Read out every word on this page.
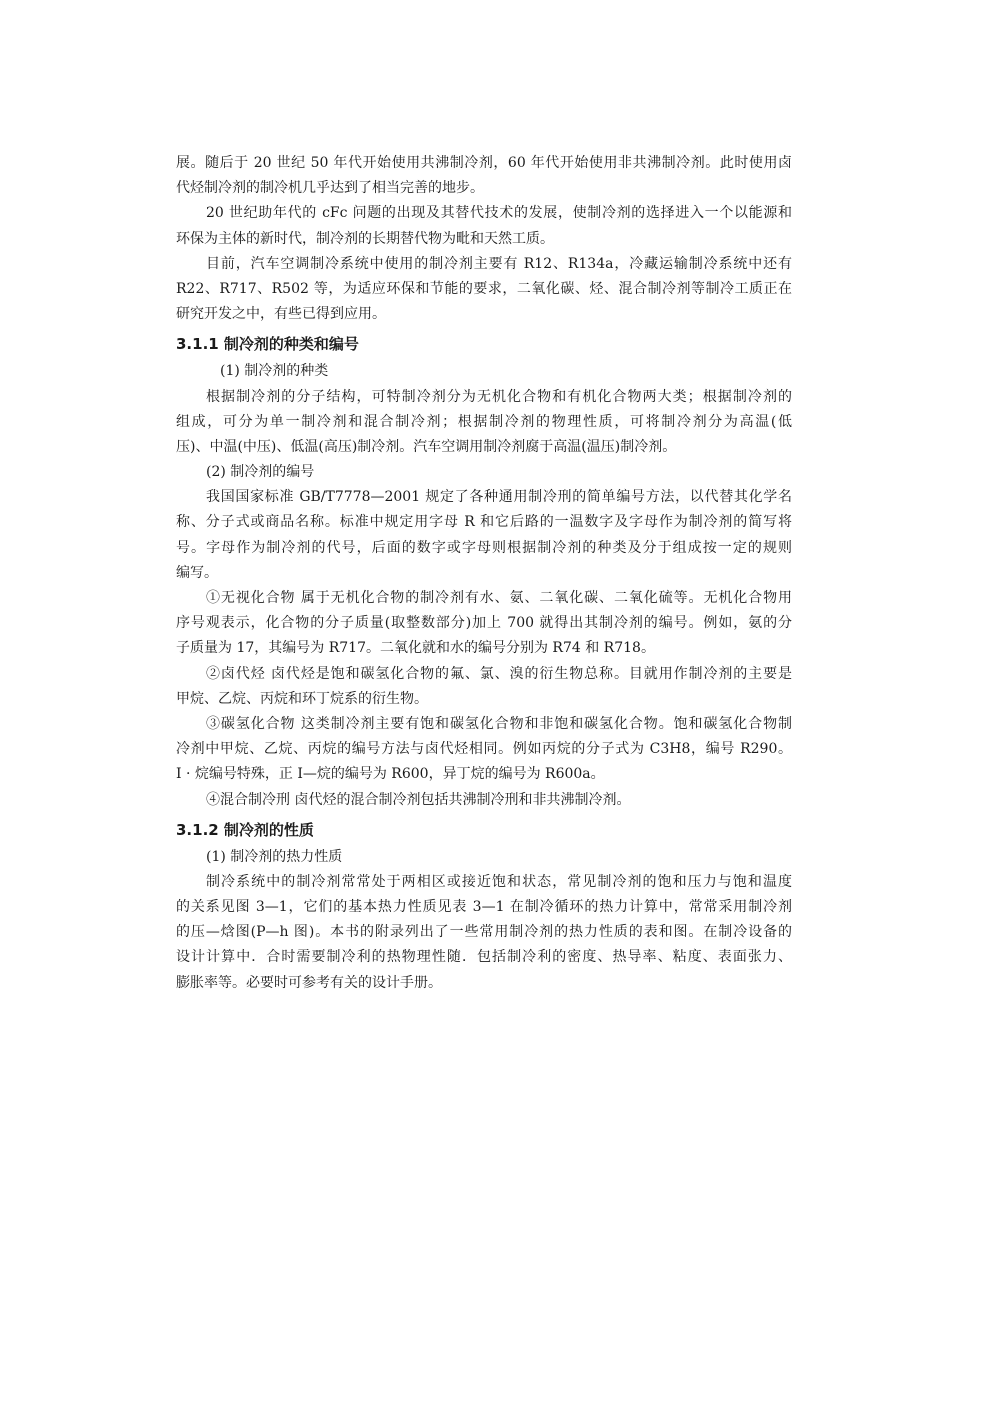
展。随后于 20 世纪 50 年代开始使用共沸制冷剂，60 年代开始使用非共沸制冷剂。此时使用卤
代烃制冷剂的制冷机几乎达到了相当完善的地步。
20 世纪助年代的 cFc 问题的出现及其替代技术的发展，使制冷剂的选择进入一个以能源和
环保为主体的新时代，制冷剂的长期替代物为毗和天然工质。
目前，汽车空调制冷系统中使用的制冷剂主要有 R12、R134a，冷藏运输制冷系统中还有
R22、R717、R502 等，为适应环保和节能的要求，二氧化碳、烃、混合制冷剂等制冷工质正在
研究开发之中，有些已得到应用。
3.1.1 制冷剂的种类和编号
(1) 制冷剂的种类
根据制冷剂的分子结构，可特制冷剂分为无机化合物和有机化合物两大类；根据制冷剂的
组成，可分为单一制冷剂和混合制冷剂；根据制冷剂的物理性质，可将制冷剂分为高温(低
压)、中温(中压)、低温(高压)制冷剂。汽车空调用制冷剂腐于高温(温压)制冷剂。
(2) 制冷剂的编号
我国国家标准 GB/T7778—2001 规定了各种通用制冷刑的简单编号方法，以代替其化学名
称、分子式或商品名称。标准中规定用字母 R 和它后路的一温数字及字母作为制冷剂的简写将
号。字母作为制冷剂的代号，后面的数字或字母则根据制冷剂的种类及分于组成按一定的规则
编写。
①无视化合物 属于无机化合物的制冷剂有水、氨、二氧化碳、二氧化硫等。无机化合物用
序号观表示，化合物的分子质量(取整数部分)加上 700 就得出其制冷剂的编号。例如，氨的分
子质量为 17，其编号为 R717。二氧化就和水的编号分别为 R74 和 R718。
②卤代烃 卤代烃是饱和碳氢化合物的氟、氯、溴的衍生物总称。目就用作制冷剂的主要是
甲烷、乙烷、丙烷和环丁烷系的衍生物。
③碳氢化合物 这类制冷剂主要有饱和碳氢化合物和非饱和碳氢化合物。饱和碳氢化合物制
冷剂中甲烷、乙烷、丙烷的编号方法与卤代烃相同。例如丙烷的分子式为 C3H8，编号 R290。
I · 烷编号特殊，正 I—烷的编号为 R600，异丁烷的编号为 R600a。
④混合制冷刑 卤代烃的混合制冷剂包括共沸制冷刑和非共沸制冷剂。
3.1.2 制冷剂的性质
(1) 制冷剂的热力性质
制冷系统中的制冷剂常常处于两相区或接近饱和状态，常见制冷剂的饱和压力与饱和温度
的关系见图 3—1，它们的基本热力性质见表 3—1 在制冷循环的热力计算中，常常采用制冷剂
的压—焓图(P—h 图)。本书的附录列出了一些常用制冷剂的热力性质的表和图。在制冷设备的
设计计算中．合时需要制冷利的热物理性随．包括制冷利的密度、热导率、粘度、表面张力、
膨胀率等。必要时可参考有关的设计手册。
